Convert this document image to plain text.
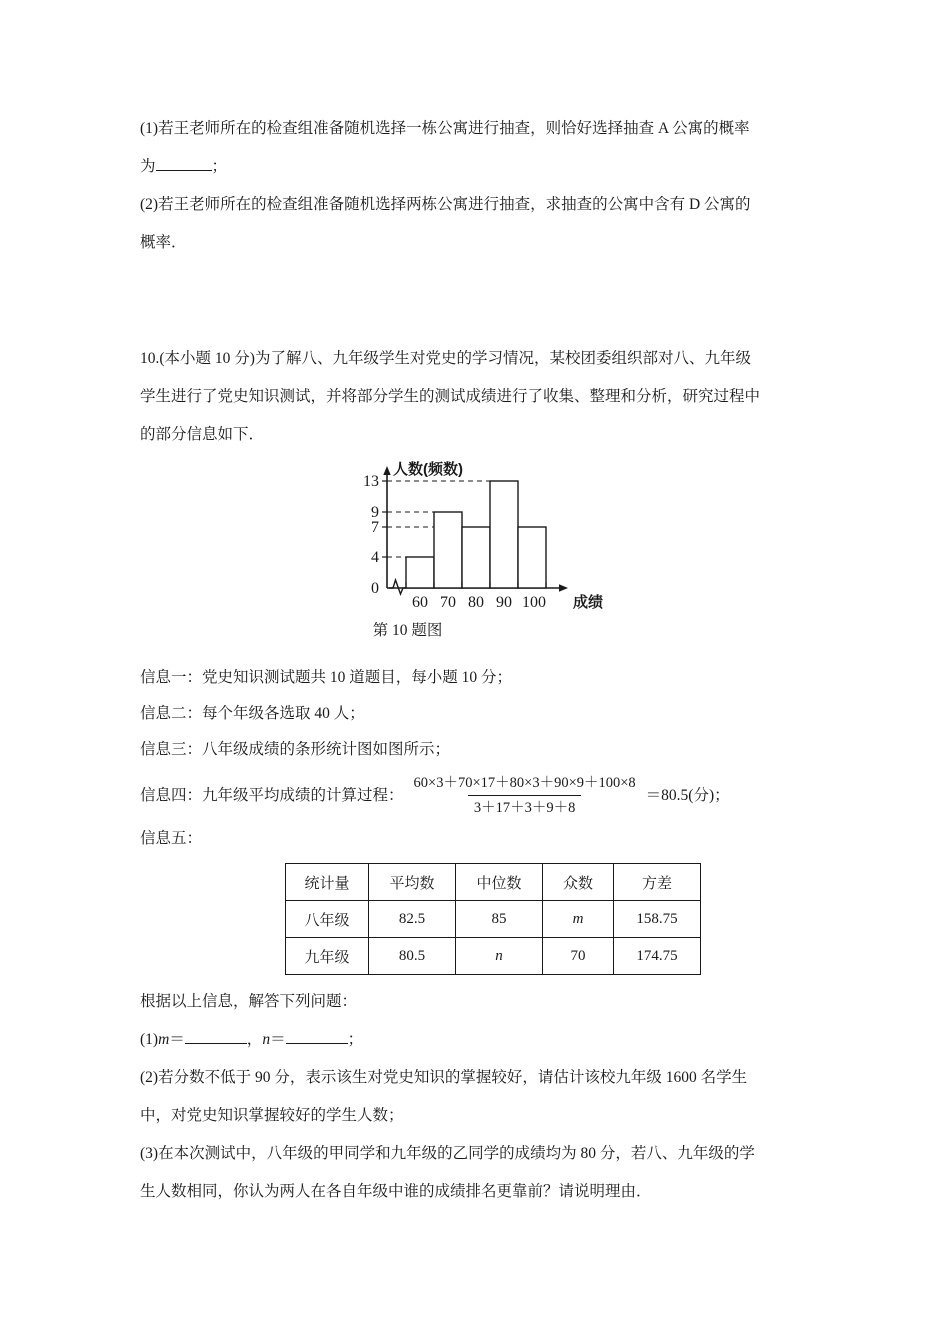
(1)若王老师所在的检查组准备随机选择一栋公寓进行抽查，则恰好选择抽查 A 公寓的概率

为	；

(2)若王老师所在的检查组准备随机选择两栋公寓进行抽查，求抽查的公寓中含有 D 公寓的

概率．

10.(本小题 10 分)为了解八、九年级学生对党史的学习情况，某校团委组织部对八、九年级

学生进行了党史知识测试，并将部分学生的测试成绩进行了收集、整理和分析，研究过程中

的部分信息如下．

13
9
7
4
0
60 70 80 90 100
人数(频数)
成绩
第 10 题图
信息一：党史知识测试题共 10 道题目，每小题 10 分；
信息二：每个年级各选取 40 人；
信息三：八年级成绩的条形统计图如图所示；
信息四： 九年级平均成绩的计算过程： $\frac{60\times 3+70\times 17+80\times 3+90\times 9+100\times 8}{3+17+3+9+8} =80.5$(分)；
信息五：
统计量	平均数	中位数	众数	方差
八年级	82.5	85	m	158.75
九年级	80.5	n	70	174.75

根据以上信息，解答下列问题：

(1)m＝	，n＝	；

(2)若分数不低于 90 分，表示该生对党史知识的掌握较好，请估计该校九年级 1600 名学生

中，对党史知识掌握较好的学生人数；

(3)在本次测试中，八年级的甲同学和九年级的乙同学的成绩均为 80 分，若八、九年级的学

生人数相同，你认为两人在各自年级中谁的成绩排名更靠前？请说明理由．
